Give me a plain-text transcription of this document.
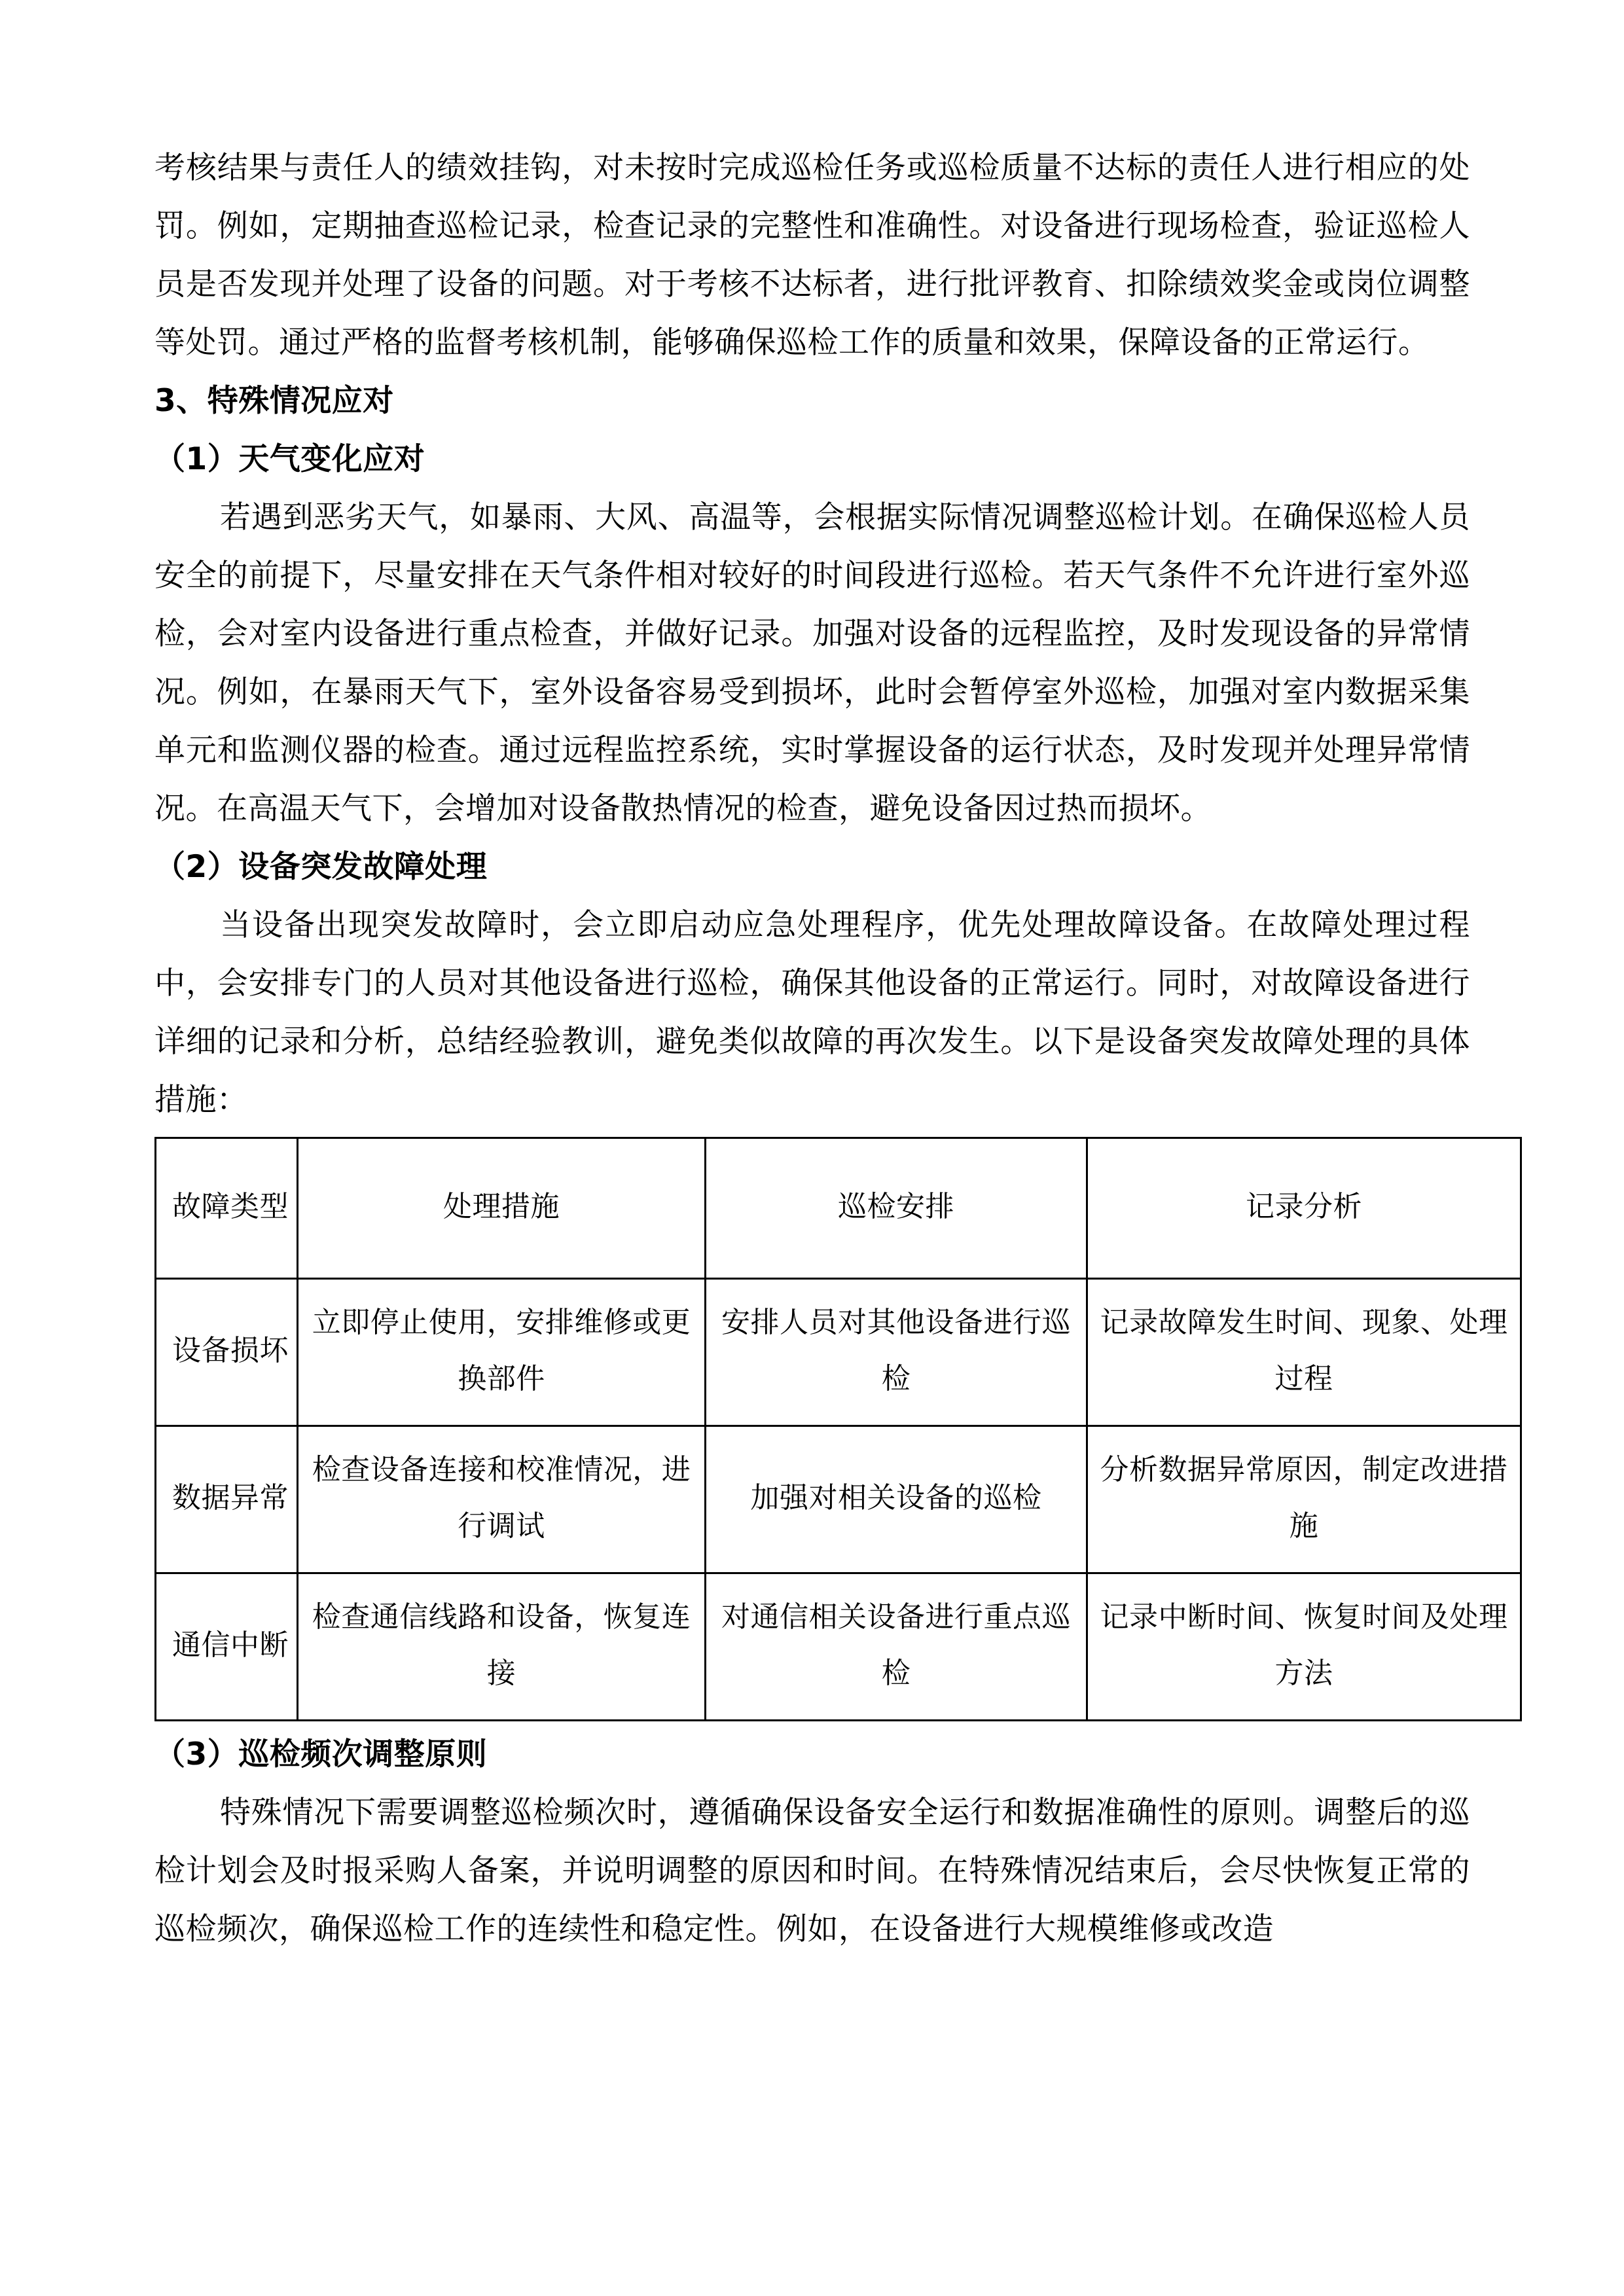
考核结果与责任人的绩效挂钩，对未按时完成巡检任务或巡检质量不达标的责任人进行相应的处罚。例如，定期抽查巡检记录，检查记录的完整性和准确性。对设备进行现场检查，验证巡检人员是否发现并处理了设备的问题。对于考核不达标者，进行批评教育、扣除绩效奖金或岗位调整等处罚。通过严格的监督考核机制，能够确保巡检工作的质量和效果，保障设备的正常运行。

3、特殊情况应对
（1）天气变化应对

若遇到恶劣天气，如暴雨、大风、高温等，会根据实际情况调整巡检计划。在确保巡检人员安全的前提下，尽量安排在天气条件相对较好的时间段进行巡检。若天气条件不允许进行室外巡检，会对室内设备进行重点检查，并做好记录。加强对设备的远程监控，及时发现设备的异常情况。例如，在暴雨天气下，室外设备容易受到损坏，此时会暂停室外巡检，加强对室内数据采集单元和监测仪器的检查。通过远程监控系统，实时掌握设备的运行状态，及时发现并处理异常情况。在高温天气下，会增加对设备散热情况的检查，避免设备因过热而损坏。

（2）设备突发故障处理

当设备出现突发故障时，会立即启动应急处理程序，优先处理故障设备。在故障处理过程中，会安排专门的人员对其他设备进行巡检，确保其他设备的正常运行。同时，对故障设备进行详细的记录和分析，总结经验教训，避免类似故障的再次发生。以下是设备突发故障处理的具体措施：

故障类型	处理措施	巡检安排	记录分析
设备损坏	立即停止使用，安排维修或更换部件	安排人员对其他设备进行巡检	记录故障发生时间、现象、处理过程
数据异常	检查设备连接和校准情况，进行调试	加强对相关设备的巡检	分析数据异常原因，制定改进措施
通信中断	检查通信线路和设备，恢复连接	对通信相关设备进行重点巡检	记录中断时间、恢复时间及处理方法
（3）巡检频次调整原则

特殊情况下需要调整巡检频次时，遵循确保设备安全运行和数据准确性的原则。调整后的巡检计划会及时报采购人备案，并说明调整的原因和时间。在特殊情况结束后，会尽快恢复正常的巡检频次，确保巡检工作的连续性和稳定性。例如，在设备进行大规模维修或改造
